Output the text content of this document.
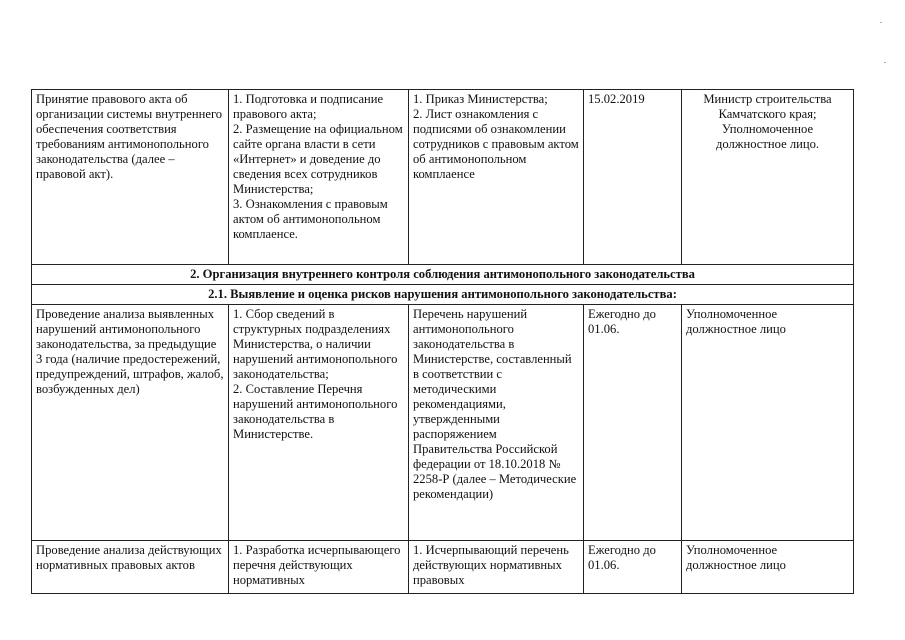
Принятие правового акта об организации системы внутреннего обеспечения соответствия требованиям антимонопольного законодательства (далее – правовой акт).	1. Подготовка и подписание правового акта;
2. Размещение на официальном сайте органа власти в сети «Интернет» и доведение до сведения всех сотрудников Министерства;
3. Ознакомления с правовым актом об антимонопольном комплаенсе.	1. Приказ Министерства;
2. Лист ознакомления с подписями об ознакомлении сотрудников с правовым актом об антимонопольном комплаенсе	15.02.2019	Министр строительства Камчатского края;
Уполномоченное должностное лицо.
2. Организация внутреннего контроля соблюдения антимонопольного законодательства				
2.1. Выявление и оценка рисков нарушения антимонопольного законодательства:				
Проведение анализа выявленных нарушений антимонопольного законодательства, за предыдущие 3 года (наличие предостережений, предупреждений, штрафов, жалоб, возбужденных дел)	1. Сбор сведений в структурных подразделениях Министерства, о наличии нарушений антимонопольного законодательства;
2. Составление Перечня нарушений антимонопольного законодательства в Министерстве.	Перечень нарушений антимонопольного законодательства в Министерстве, составленный в соответствии с методическими рекомендациями, утвержденными распоряжением Правительства Российской федерации от 18.10.2018 № 2258-Р (далее – Методические рекомендации)	Ежегодно до 01.06.	Уполномоченное должностное лицо
Проведение анализа действующих нормативных правовых актов	1. Разработка исчерпывающего перечня действующих нормативных	1. Исчерпывающий перечень действующих нормативных правовых	Ежегодно до 01.06.	Уполномоченное должностное лицо
